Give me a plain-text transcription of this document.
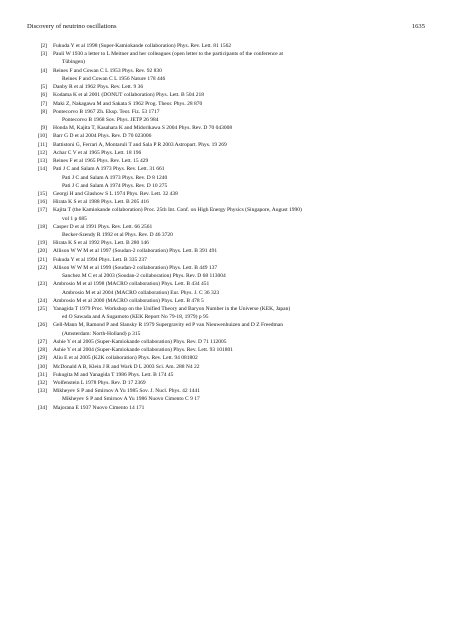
Discovery of neutrino oscillations	1635
[2] Fukuda Y et al 1998 (Super-Kamiokande collaboration) Phys. Rev. Lett. 81 1562
[3] Pauli W 1930 a letter to L Meitner and her colleagues (open letter to the participants of the conference at
Tübingen)
[4] Reines F and Cowan C L 1953 Phys. Rev. 92 830
Reines F and Cowan C L 1956 Nature 178 446
[5] Danby R et al 1962 Phys. Rev. Lett. 9 36
[6] Kodama K et al 2001 (DONUT collaboration) Phys. Lett. B 504 218
[7] Maki Z, Nakagawa M and Sakata S 1962 Prog. Theor. Phys. 28 870
[8] Pontecorvo B 1967 Zh. Eksp. Teor. Fiz. 53 1717
Pontecorvo B 1968 Sov. Phys. JETP 26 984
[9] Honda M, Kajita T, Kasahara K and Midorikawa S 2004 Phys. Rev. D 70 043008
[10] Barr G D et al 2004 Phys. Rev. D 70 023006
[11] Battistoni G, Ferrari A, Montaruli T and Sala P R 2003 Astropart. Phys. 19 269
[12] Achar C V et al 1965 Phys. Lett. 18 196
[13] Reines F et al 1965 Phys. Rev. Lett. 15 429
[14] Pati J C and Salam A 1973 Phys. Rev. Lett. 31 661
Pati J C and Salam A 1973 Phys. Rev. D 8 1240
Pati J C and Salam A 1974 Phys. Rev. D 10 275
[15] Georgi H and Glashow S L 1974 Phys. Rev. Lett. 32 438
[16] Hirata K S et al 1988 Phys. Lett. B 205 416
[17] Kajita T (the Kamiokande collaboration) Proc. 25th Int. Conf. on High Energy Physics (Singapore, August 1990)
vol 1 p 685
[18] Casper D et al 1991 Phys. Rev. Lett. 66 2561
Becker-Szendy R 1992 et al Phys. Rev. D 46 3720
[19] Hirata K S et al 1992 Phys. Lett. B 280 146
[20] Allison W W M et al 1997 (Soudan-2 collaboration) Phys. Lett. B 391 491
[21] Fukuda Y et al 1994 Phys. Lett. B 335 237
[22] Allison W W M et al 1999 (Soudan-2 collaboration) Phys. Lett. B 449 137
Sanchez M C et al 2003 (Soudan-2 collaboration) Phys. Rev. D 68 113004
[23] Ambrosio M et al 1998 (MACRO collaboration) Phys. Lett. B 434 451
Ambrosio M et al 2004 (MACRO collaboration) Eur. Phys. J. C 36 323
[24] Ambrosio M et al 2000 (MACRO collaboration) Phys. Lett. B 478 5
[25] Yanagida T 1979 Proc. Workshop on the Unified Theory and Baryon Number in the Universe (KEK, Japan)
ed O Sawada and A Sugamoto (KEK Report No 79-18, 1979) p 95
[26] Gell-Mann M, Ramond P and Slansky R 1979 Supergravity ed P van Nieuwenhuizen and D Z Freedman
(Amsterdam: North-Holland) p 315
[27] Ashie Y et al 2005 (Super-Kamiokande collaboration) Phys. Rev. D 71 112005
[28] Ashie Y et al 2004 (Super-Kamiokande collaboration) Phys. Rev. Lett. 93 101801
[29] Aliu E et al 2005 (K2K collaboration) Phys. Rev. Lett. 94 081802
[30] McDonald A B, Klein J R and Wark D L 2003 Sci. Am. 288 N4 22
[31] Fukugita M and Yanagida T 1986 Phys. Lett. B 174 45
[32] Wolfenstein L 1978 Phys. Rev. D 17 2369
[33] Mikheyev S P and Smirnov A Yu 1985 Sov. J. Nucl. Phys. 42 1441
Mikheyev S P and Smirnov A Yu 1986 Nuovo Cimento C 9 17
[34] Majorana E 1937 Nuovo Cimento 14 171
